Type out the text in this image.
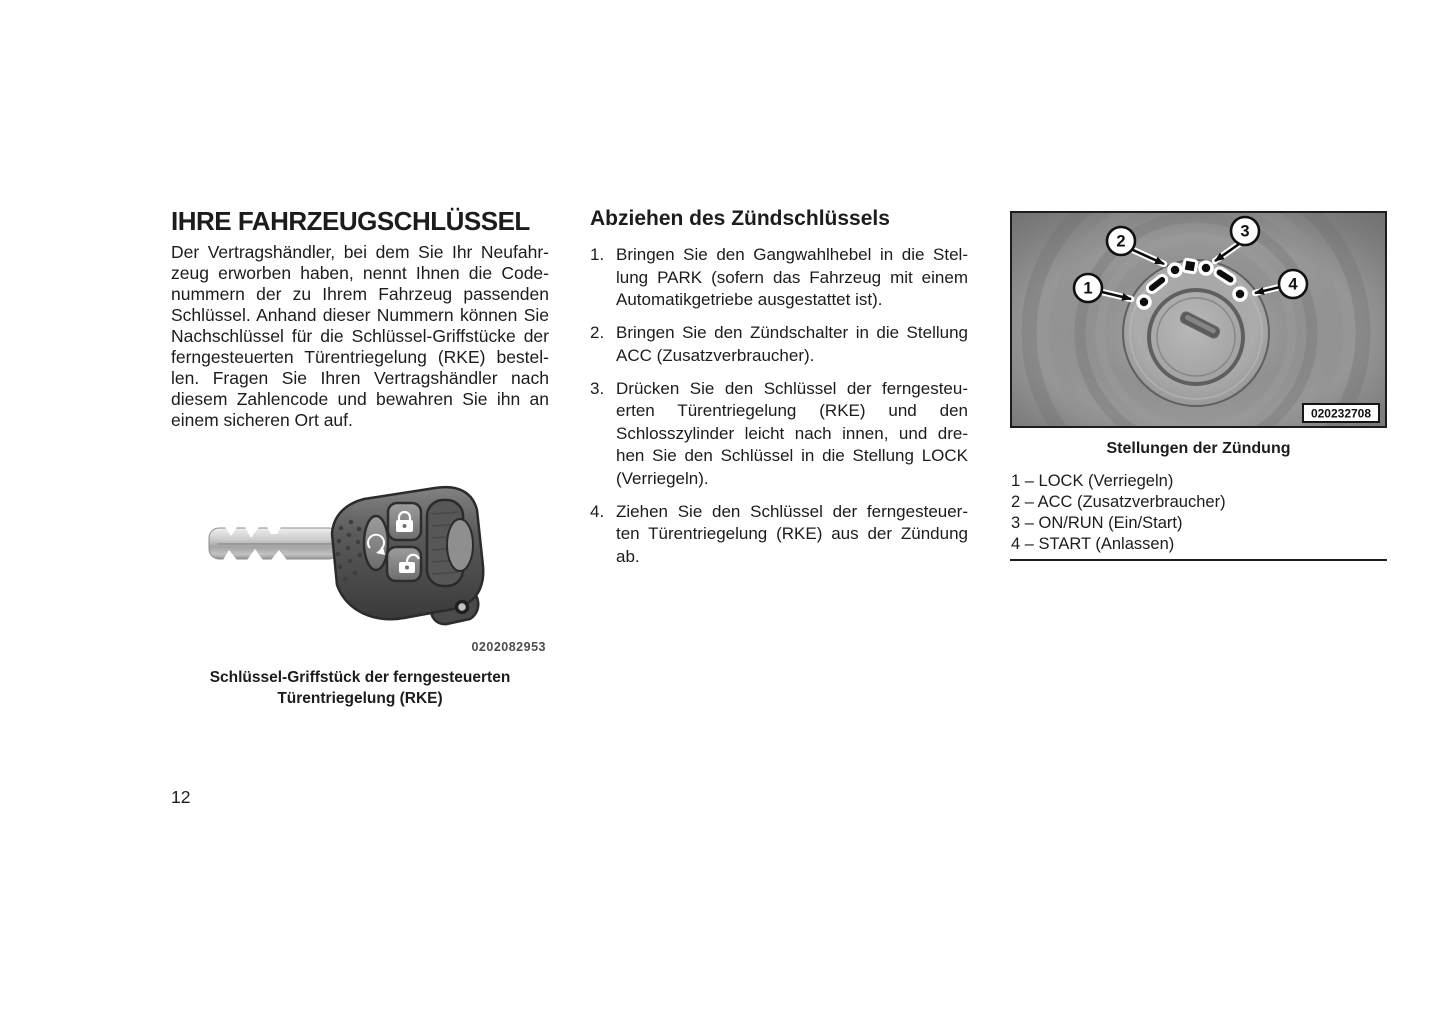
IHRE FAHRZEUGSCHLÜSSEL
Der Vertragshändler, bei dem Sie Ihr Neufahr-
zeug erworben haben, nennt Ihnen die Code-
nummern der zu Ihrem Fahrzeug passenden
Schlüssel. Anhand dieser Nummern können Sie
Nachschlüssel für die Schlüssel-Griffstücke der
ferngesteuerten Türentriegelung (RKE) bestel-
len. Fragen Sie Ihren Vertragshändler nach
diesem Zahlencode und bewahren Sie ihn an
einem sicheren Ort auf.
0202082953
Schlüssel-Griffstück der ferngesteuerten
Türentriegelung (RKE)
12
Abziehen des Zündschlüssels
1. Bringen Sie den Gangwahlhebel in die Stel-
lung PARK (sofern das Fahrzeug mit einem
Automatikgetriebe ausgestattet ist).
2. Bringen Sie den Zündschalter in die Stellung
ACC (Zusatzverbraucher).
3. Drücken Sie den Schlüssel der ferngesteu-
erten Türentriegelung (RKE) und den
Schlosszylinder leicht nach innen, und dre-
hen Sie den Schlüssel in die Stellung LOCK
(Verriegeln).
4. Ziehen Sie den Schlüssel der ferngesteuer-
ten Türentriegelung (RKE) aus der Zündung
ab.
1
2
3
4
020232708
Stellungen der Zündung
1 – LOCK (Verriegeln)
2 – ACC (Zusatzverbraucher)
3 – ON/RUN (Ein/Start)
4 – START (Anlassen)
